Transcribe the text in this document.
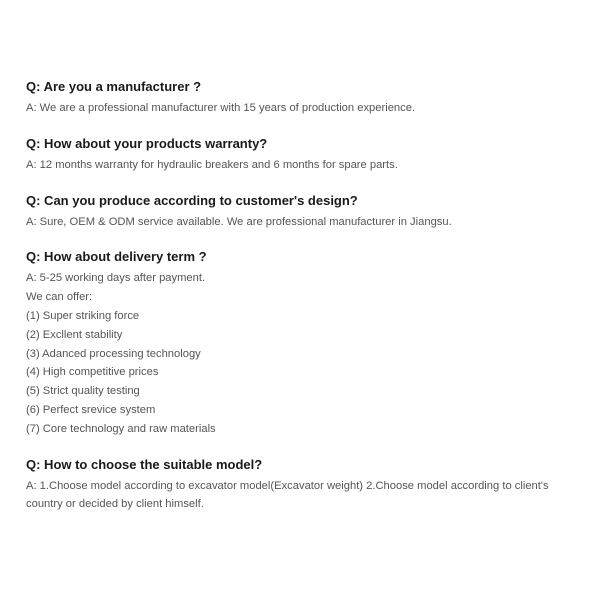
Q: Are you a manufacturer ?

A: We are a professional manufacturer with 15 years of production experience.

Q: How about your products warranty?

A: 12 months warranty for hydraulic breakers and 6 months for spare parts.

Q: Can you produce according to customer's design?

A: Sure, OEM & ODM service available. We are professional manufacturer in Jiangsu.

Q: How about delivery term ?

A: 5-25 working days after payment.

We can offer:

(1) Super striking force

(2) Excllent stability

(3) Adanced processing technology

(4) High competitive prices

(5) Strict quality testing

(6) Perfect srevice system

(7) Core technology and raw materials

Q: How to choose the suitable model?

A: 1.Choose model according to excavator model(Excavator weight) 2.Choose model according to client's country or decided by client himself.
